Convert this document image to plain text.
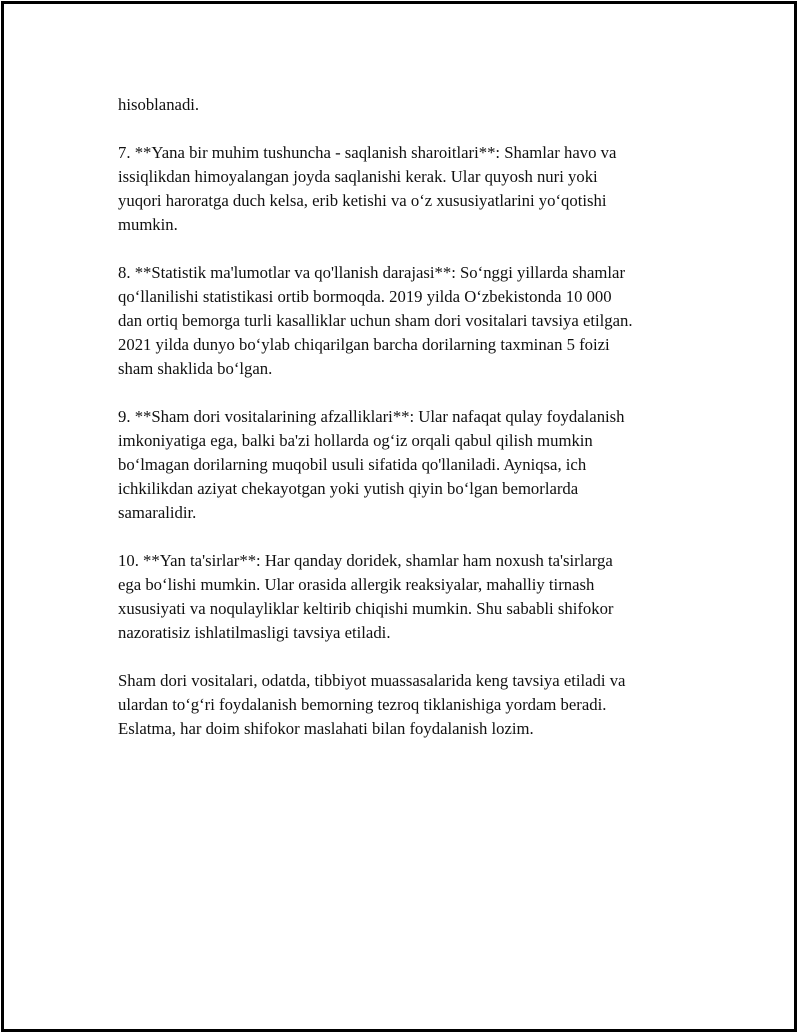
hisoblanadi.

7. **Yana bir muhim tushuncha - saqlanish sharoitlari**: Shamlar havo va
issiqlikdan himoyalangan joyda saqlanishi kerak. Ular quyosh nuri yoki
yuqori haroratga duch kelsa, erib ketishi va o‘z xususiyatlarini yo‘qotishi
mumkin.

8. **Statistik ma'lumotlar va qo'llanish darajasi**: So‘nggi yillarda shamlar
qo‘llanilishi statistikasi ortib bormoqda. 2019 yilda O‘zbekistonda 10 000
dan ortiq bemorga turli kasalliklar uchun sham dori vositalari tavsiya etilgan.
2021 yilda dunyo bo‘ylab chiqarilgan barcha dorilarning taxminan 5 foizi
sham shaklida bo‘lgan.

9. **Sham dori vositalarining afzalliklari**: Ular nafaqat qulay foydalanish
imkoniyatiga ega, balki ba'zi hollarda og‘iz orqali qabul qilish mumkin
bo‘lmagan dorilarning muqobil usuli sifatida qo'llaniladi. Ayniqsa, ich
ichkilikdan aziyat chekayotgan yoki yutish qiyin bo‘lgan bemorlarda
samaralidir.

10. **Yan ta'sirlar**: Har qanday doridek, shamlar ham noxush ta'sirlarga
ega bo‘lishi mumkin. Ular orasida allergik reaksiyalar, mahalliy tirnash
xususiyati va noqulayliklar keltirib chiqishi mumkin. Shu sababli shifokor
nazoratisiz ishlatilmasligi tavsiya etiladi.

Sham dori vositalari, odatda, tibbiyot muassasalarida keng tavsiya etiladi va
ulardan to‘g‘ri foydalanish bemorning tezroq tiklanishiga yordam beradi.
Eslatma, har doim shifokor maslahati bilan foydalanish lozim.
